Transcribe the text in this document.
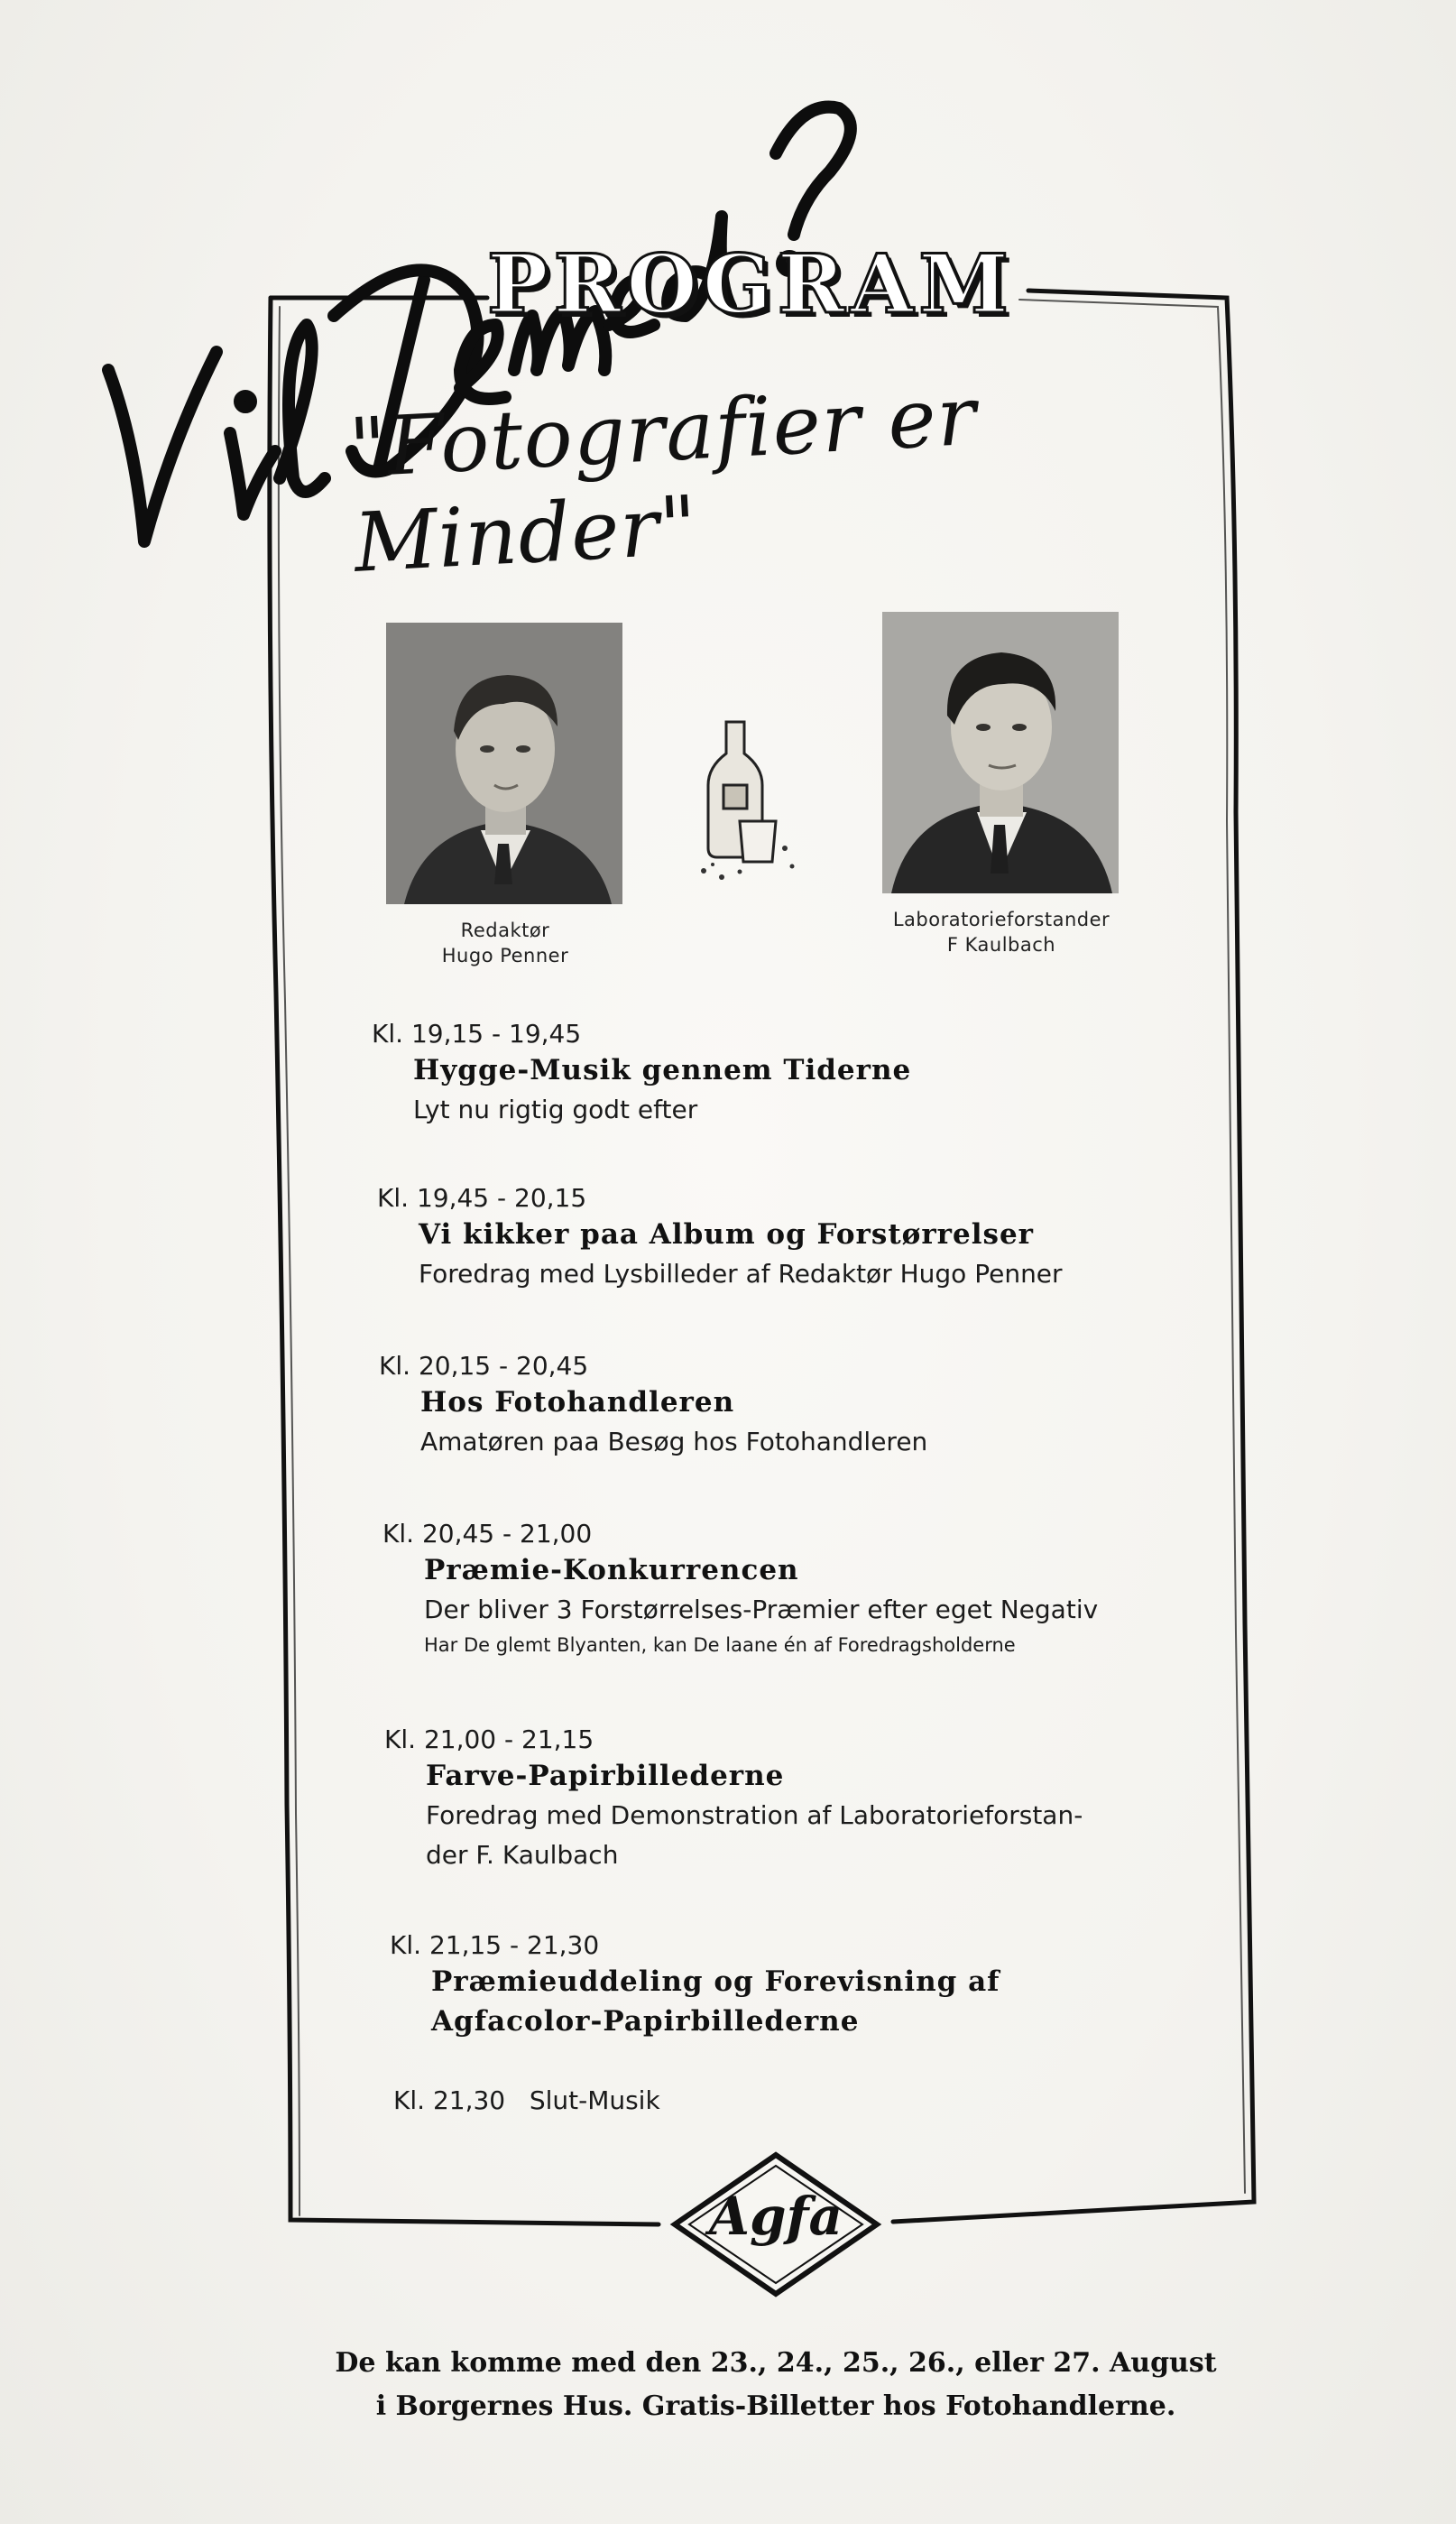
PROGRAM
"Fotografier er Minder"
Redaktør
Hugo Penner
Laboratorieforstander
F Kaulbach
Kl. 19,15 - 19,45
Hygge-Musik gennem Tiderne
Lyt nu rigtig godt efter
Kl. 19,45 - 20,15
Vi kikker paa Album og Forstørrelser
Foredrag med Lysbilleder af Redaktør Hugo Penner
Kl. 20,15 - 20,45
Hos Fotohandleren
Amatøren paa Besøg hos Fotohandleren
Kl. 20,45 - 21,00
Præmie-Konkurrencen
Der bliver 3 Forstørrelses-Præmier efter eget Negativ
Har De glemt Blyanten, kan De laane én af Foredragsholderne
Kl. 21,00 - 21,15
Farve-Papirbillederne
Foredrag med Demonstration af Laboratorieforstan-
der F. Kaulbach
Kl. 21,15 - 21,30
Præmieuddeling og Forevisning af
Agfacolor-Papirbillederne
Kl. 21,30 Slut-Musik
Agfa
De kan komme med den 23., 24., 25., 26., eller 27. August
i Borgernes Hus. Gratis-Billetter hos Fotohandlerne.
